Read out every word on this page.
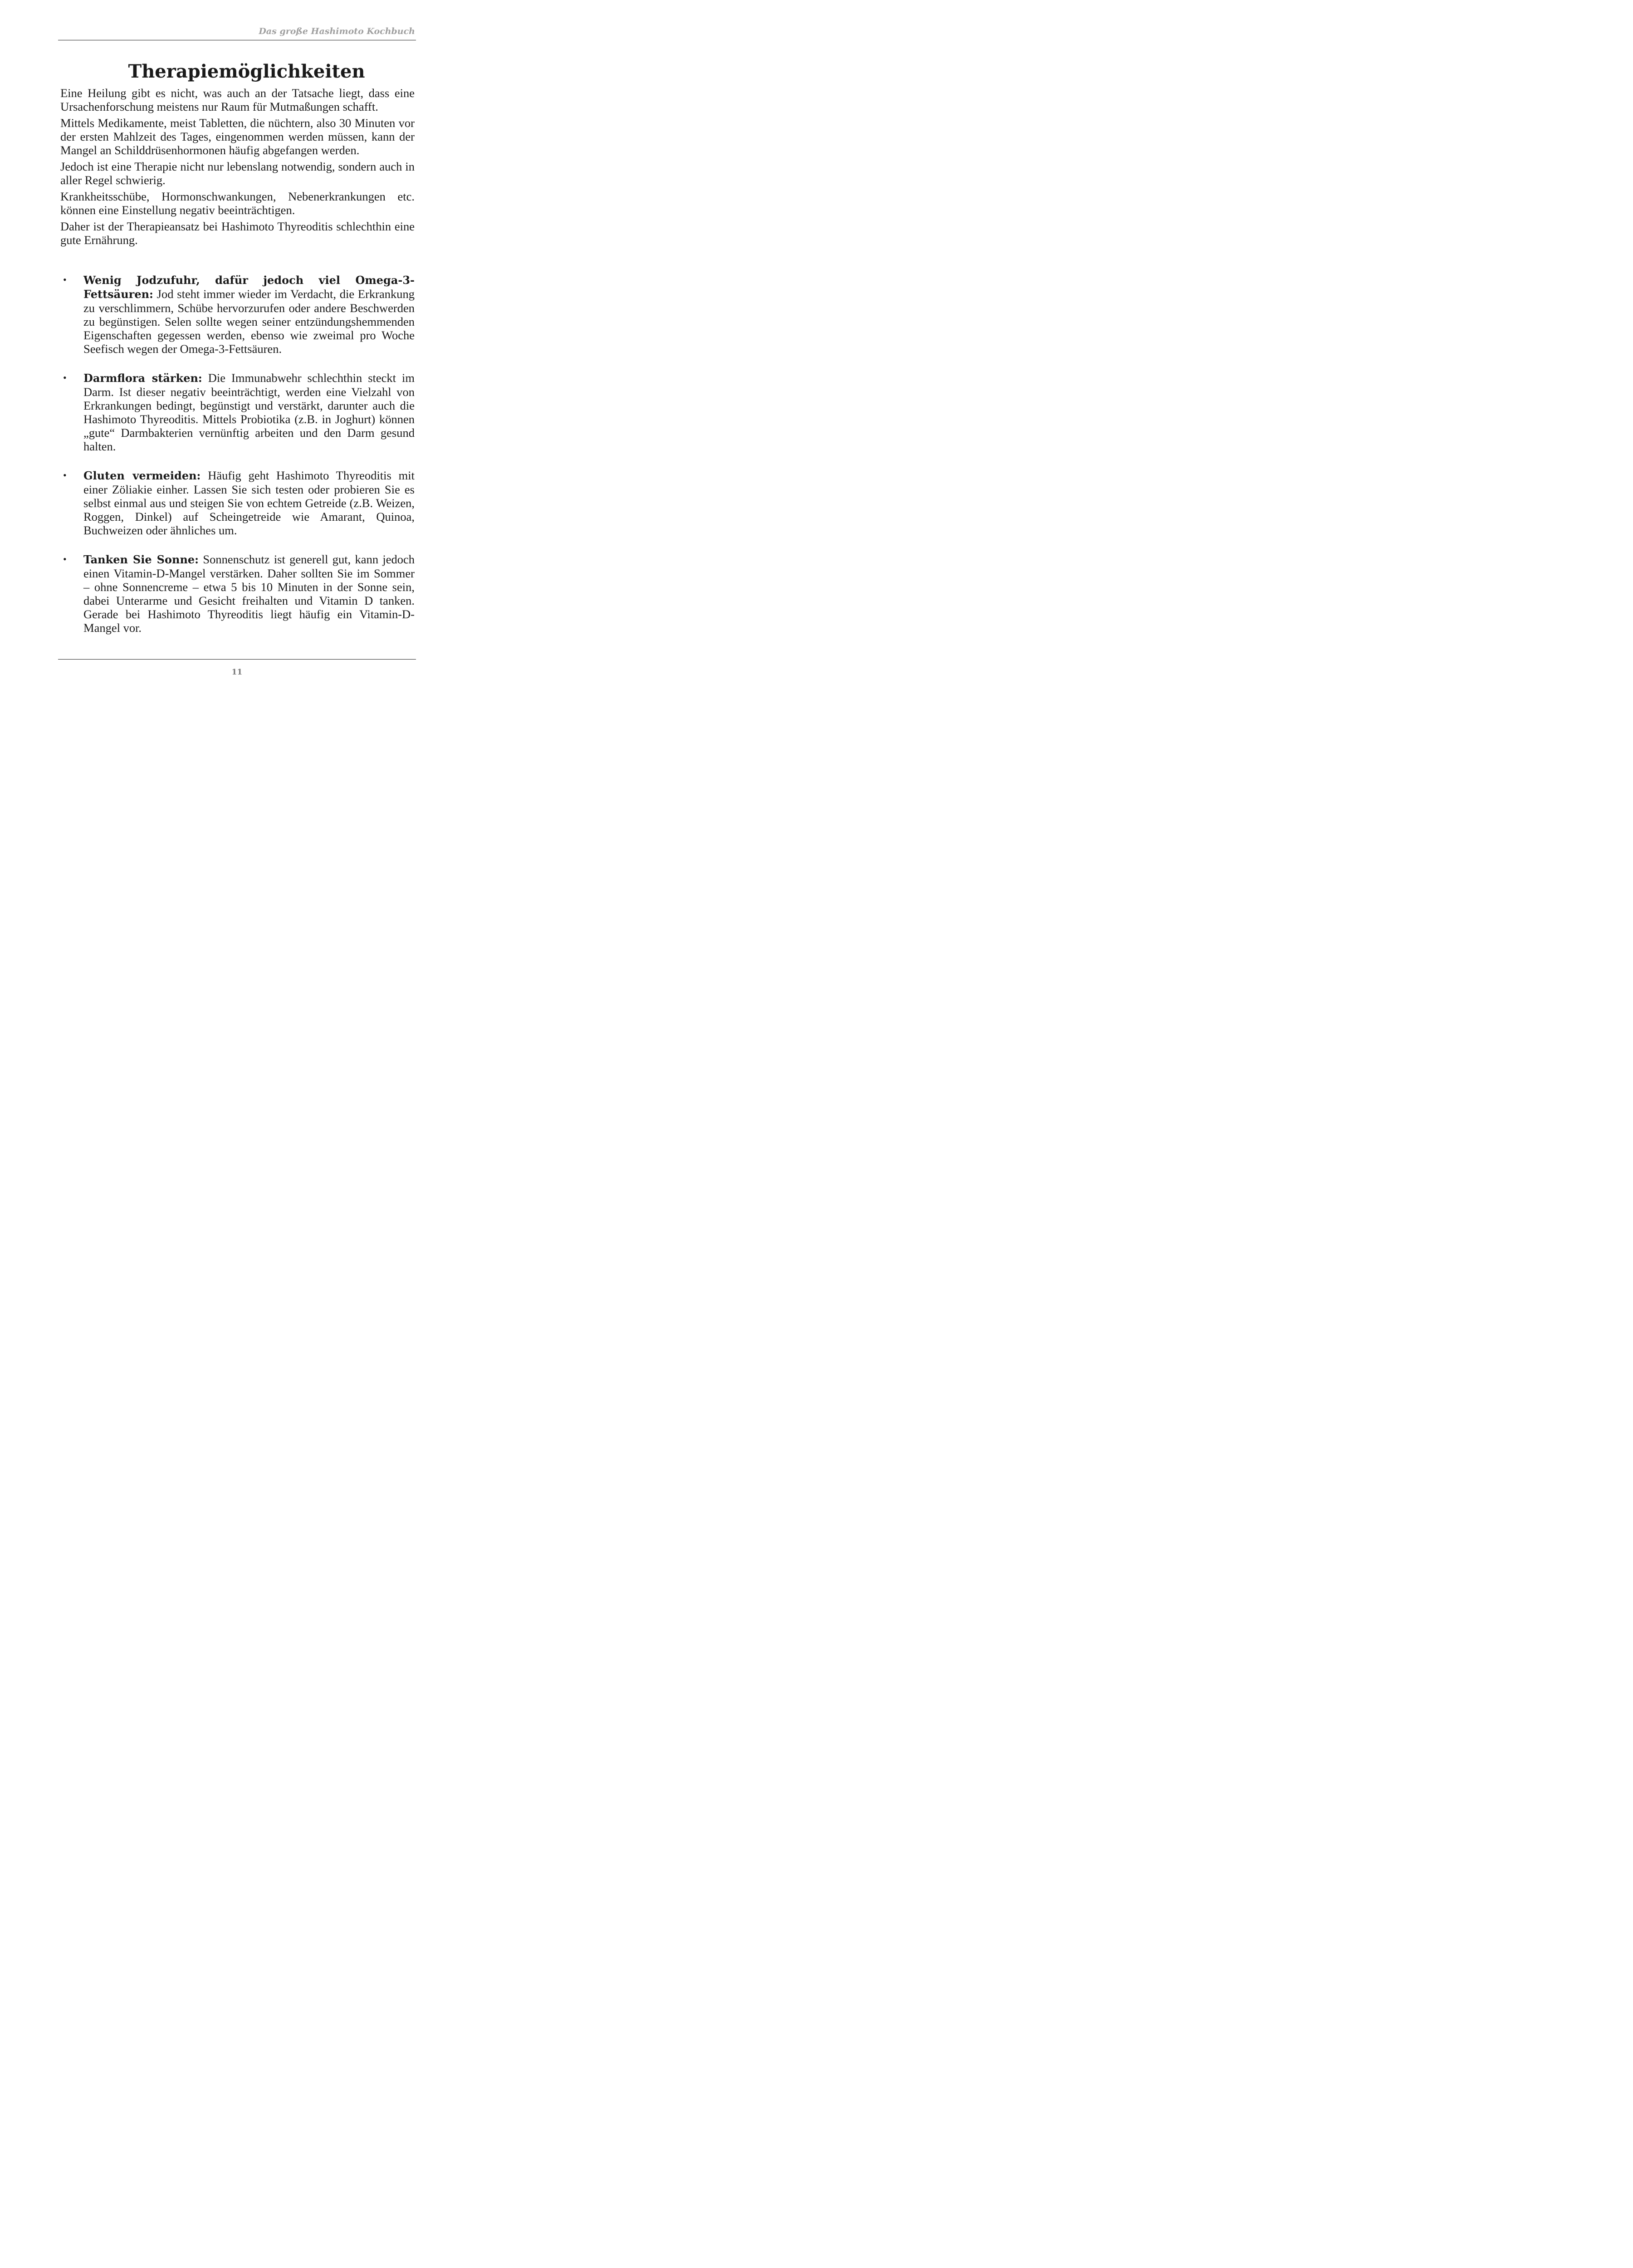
Das große Hashimoto Kochbuch
Therapiemöglichkeiten

Eine Heilung gibt es nicht, was auch an der Tatsache liegt, dass eine Ursachenforschung meistens nur Raum für Mutmaßungen schafft.

Mittels Medikamente, meist Tabletten, die nüchtern, also 30 Minuten vor der ersten Mahlzeit des Tages, eingenommen werden müssen, kann der Mangel an Schilddrüsenhormonen häufig abgefangen werden.

Jedoch ist eine Therapie nicht nur lebenslang notwendig, sondern auch in aller Regel schwierig.

Krankheitsschübe, Hormonschwankungen, Nebenerkrankungen etc. können eine Einstellung negativ beeinträchtigen.

Daher ist der Therapieansatz bei Hashimoto Thyreoditis schlechthin eine gute Ernährung.

• Wenig Jodzufuhr, dafür jedoch viel Omega-3-Fettsäuren: Jod steht immer wieder im Verdacht, die Erkrankung zu verschlimmern, Schübe hervorzurufen oder andere Beschwerden zu begünstigen. Selen sollte wegen seiner entzündungshemmenden Eigenschaften gegessen werden, ebenso wie zweimal pro Woche Seefisch wegen der Omega-3-Fettsäuren.
• Darmflora stärken: Die Immunabwehr schlechthin steckt im Darm. Ist dieser negativ beeinträchtigt, werden eine Vielzahl von Erkrankungen bedingt, begünstigt und verstärkt, darunter auch die Hashimoto Thyreoditis. Mittels Probiotika (z.B. in Joghurt) können „gute“ Darmbakterien vernünftig arbeiten und den Darm gesund halten.
• Gluten vermeiden: Häufig geht Hashimoto Thyreoditis mit einer Zöliakie einher. Lassen Sie sich testen oder probieren Sie es selbst einmal aus und steigen Sie von echtem Getreide (z.B. Weizen, Roggen, Dinkel) auf Scheingetreide wie Amarant, Quinoa, Buchweizen oder ähnliches um.
• Tanken Sie Sonne: Sonnenschutz ist generell gut, kann jedoch einen Vitamin-D-Mangel verstärken. Daher sollten Sie im Sommer – ohne Sonnencreme – etwa 5 bis 10 Minuten in der Sonne sein, dabei Unterarme und Gesicht freihalten und Vitamin D tanken. Gerade bei Hashimoto Thyreoditis liegt häufig ein Vitamin-D-Mangel vor.
11
